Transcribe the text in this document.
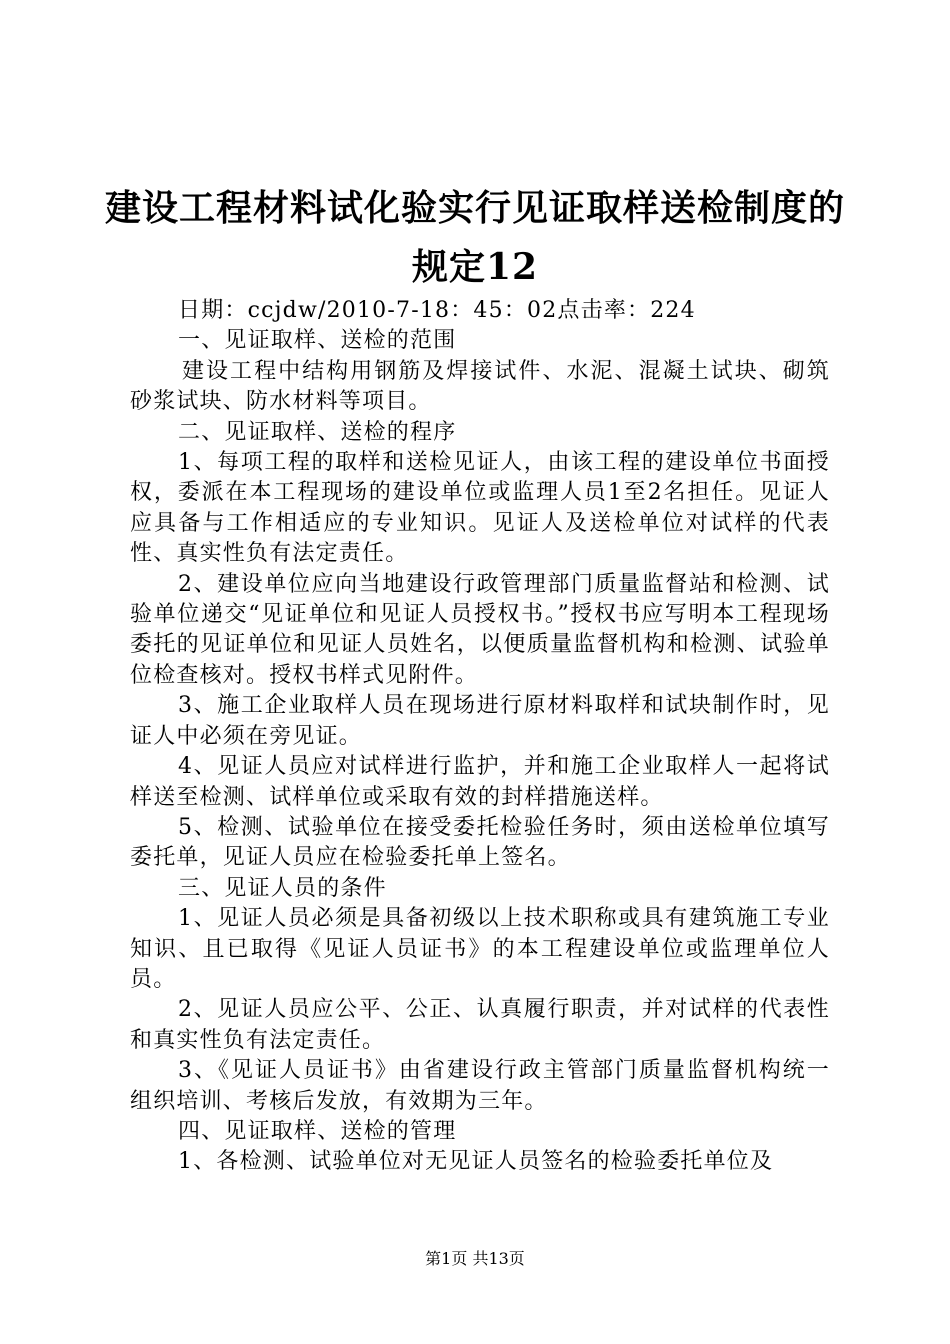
建设工程材料试化验实行见证取样送检制度的
规定12

日期：ccjdw/2010-7-18：45：02点击率：224

一、见证取样、送检的范围

建设工程中结构用钢筋及焊接试件、水泥、混凝土试块、砌筑砂浆试块、防水材料等项目。

二、见证取样、送检的程序

1、每项工程的取样和送检见证人，由该工程的建设单位书面授权，委派在本工程现场的建设单位或监理人员1至2名担任。见证人应具备与工作相适应的专业知识。见证人及送检单位对试样的代表性、真实性负有法定责任。

2、建设单位应向当地建设行政管理部门质量监督站和检测、试验单位递交“见证单位和见证人员授权书。”授权书应写明本工程现场委托的见证单位和见证人员姓名，以便质量监督机构和检测、试验单位检查核对。授权书样式见附件。

3、施工企业取样人员在现场进行原材料取样和试块制作时，见证人中必须在旁见证。

4、见证人员应对试样进行监护，并和施工企业取样人一起将试样送至检测、试样单位或采取有效的封样措施送样。

5、检测、试验单位在接受委托检验任务时，须由送检单位填写委托单，见证人员应在检验委托单上签名。

三、见证人员的条件

1、见证人员必须是具备初级以上技术职称或具有建筑施工专业知识、且已取得《见证人员证书》的本工程建设单位或监理单位人员。

2、见证人员应公平、公正、认真履行职责，并对试样的代表性和真实性负有法定责任。

3、《见证人员证书》由省建设行政主管部门质量监督机构统一组织培训、考核后发放，有效期为三年。

四、见证取样、送检的管理

1、各检测、试验单位对无见证人员签名的检验委托单位及

第1页 共13页
